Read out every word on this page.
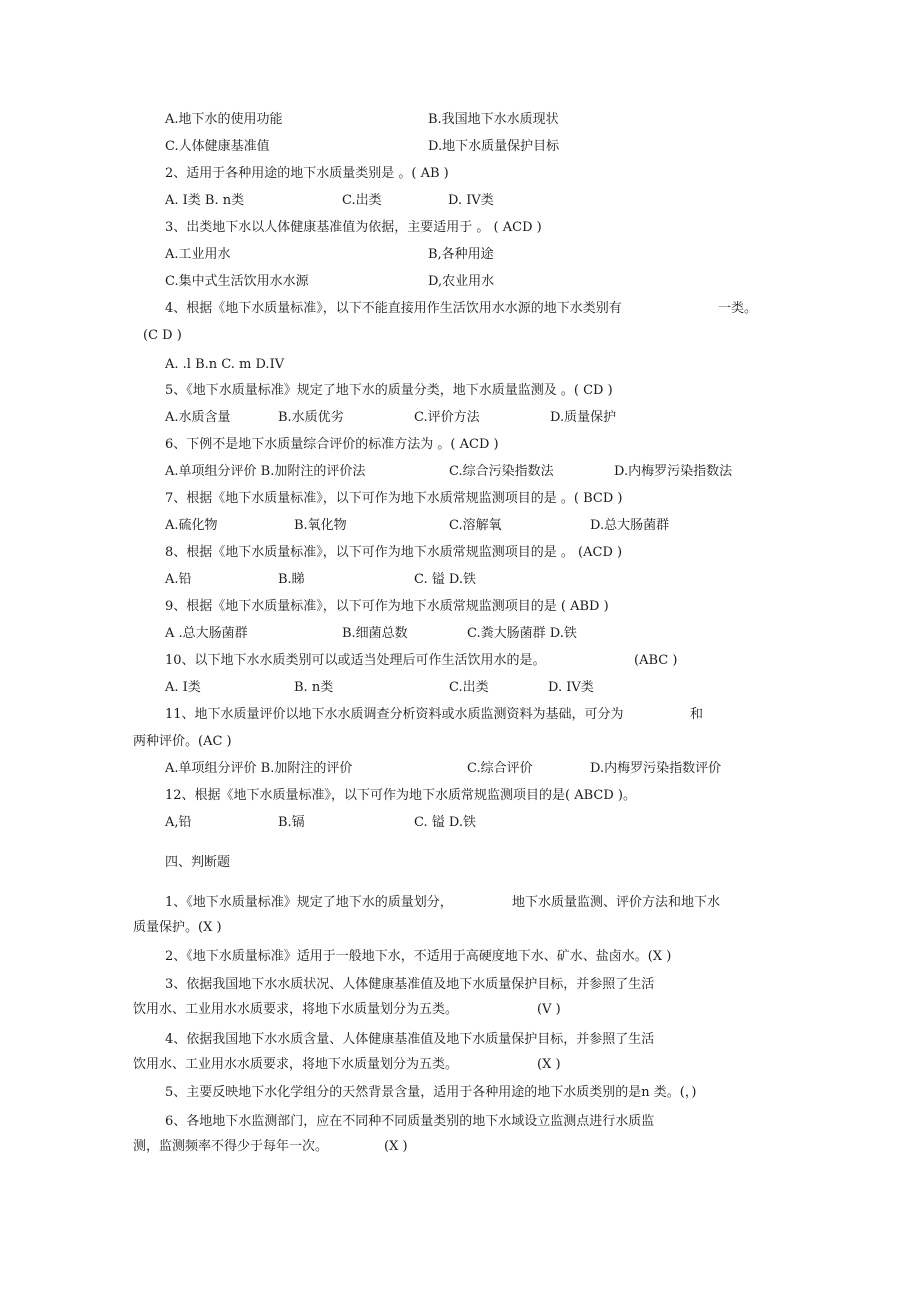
A.地下水的使用功能	B.我国地下水水质现状
C.人体健康基准值	D.地下水质量保护目标
2、适用于各种用途的地下水质量类别是 。( AB )
A. I类 B. n类	C.岀类	D. IV类
3、岀类地下水以人体健康基准值为依据，主要适用于 。 ( ACD )
A.工业用水	B,各种用途
C.集中式生活饮用水水源	D,农业用水
4、根据《地下水质量标准》，以下不能直接用作生活饮用水水源的地下水类别有	一类。
(C D )
A. .l B.n C. m D.IV
5、《地下水质量标准》规定了地下水的质量分类，地下水质量监测及 。( CD )
A.水质含量	B.水质优劣	C.评价方法	D.质量保护
6、下例不是地下水质量综合评价的标准方法为 。( ACD )
A.单项组分评价 B.加附注的评价法	C.综合污染指数法	D.内梅罗污染指数法
7、根据《地下水质量标准》，以下可作为地下水质常规监测项目的是 。( BCD )
A.硫化物	B.氧化物	C.溶解氧	D.总大肠菌群
8、根据《地下水质量标准》，以下可作为地下水质常规监测项目的是 。 (ACD )
A.铅	B.睇	C. 镒 D.铁
9、根据《地下水质量标准》，以下可作为地下水质常规监测项目的是 ( ABD )
A .总大肠菌群	B.细菌总数	C.粪大肠菌群 D.铁
10、以下地下水水质类别可以或适当处理后可作生活饮用水的是。	(ABC )
A. I类	B. n类	C.岀类	D. IV类
11、地下水质量评价以地下水水质调查分析资料或水质监测资料为基础，可分为	和
两种评价。(AC )
A.单项组分评价 B.加附注的评价	C.综合评价	D.内梅罗污染指数评价
12、根据《地下水质量标准》，以下可作为地下水质常规监测项目的是( ABCD )。
A,铅	B.镉	C. 镒 D.铁
四、判断题
1、《地下水质量标准》规定了地下水的质量划分，	地下水质量监测、评价方法和地下水
质量保护。(X )
2、《地下水质量标准》适用于一般地下水，不适用于高硬度地下水、矿水、盐卤水。(X )
3、依据我国地下水水质状况、人体健康基准值及地下水质量保护目标，并参照了生活
饮用水、工业用水水质要求，将地下水质量划分为五类。	(V )
4、依据我国地下水水质含量、人体健康基准值及地下水质量保护目标，并参照了生活
饮用水、工业用水水质要求，将地下水质量划分为五类。	(X )
5、主要反映地下水化学组分的天然背景含量，适用于各种用途的地下水质类别的是n 类。(，)
6、各地地下水监测部门，应在不同种不同质量类别的地下水域设立监测点进行水质监
测，监测频率不得少于每年一次。	(X )
